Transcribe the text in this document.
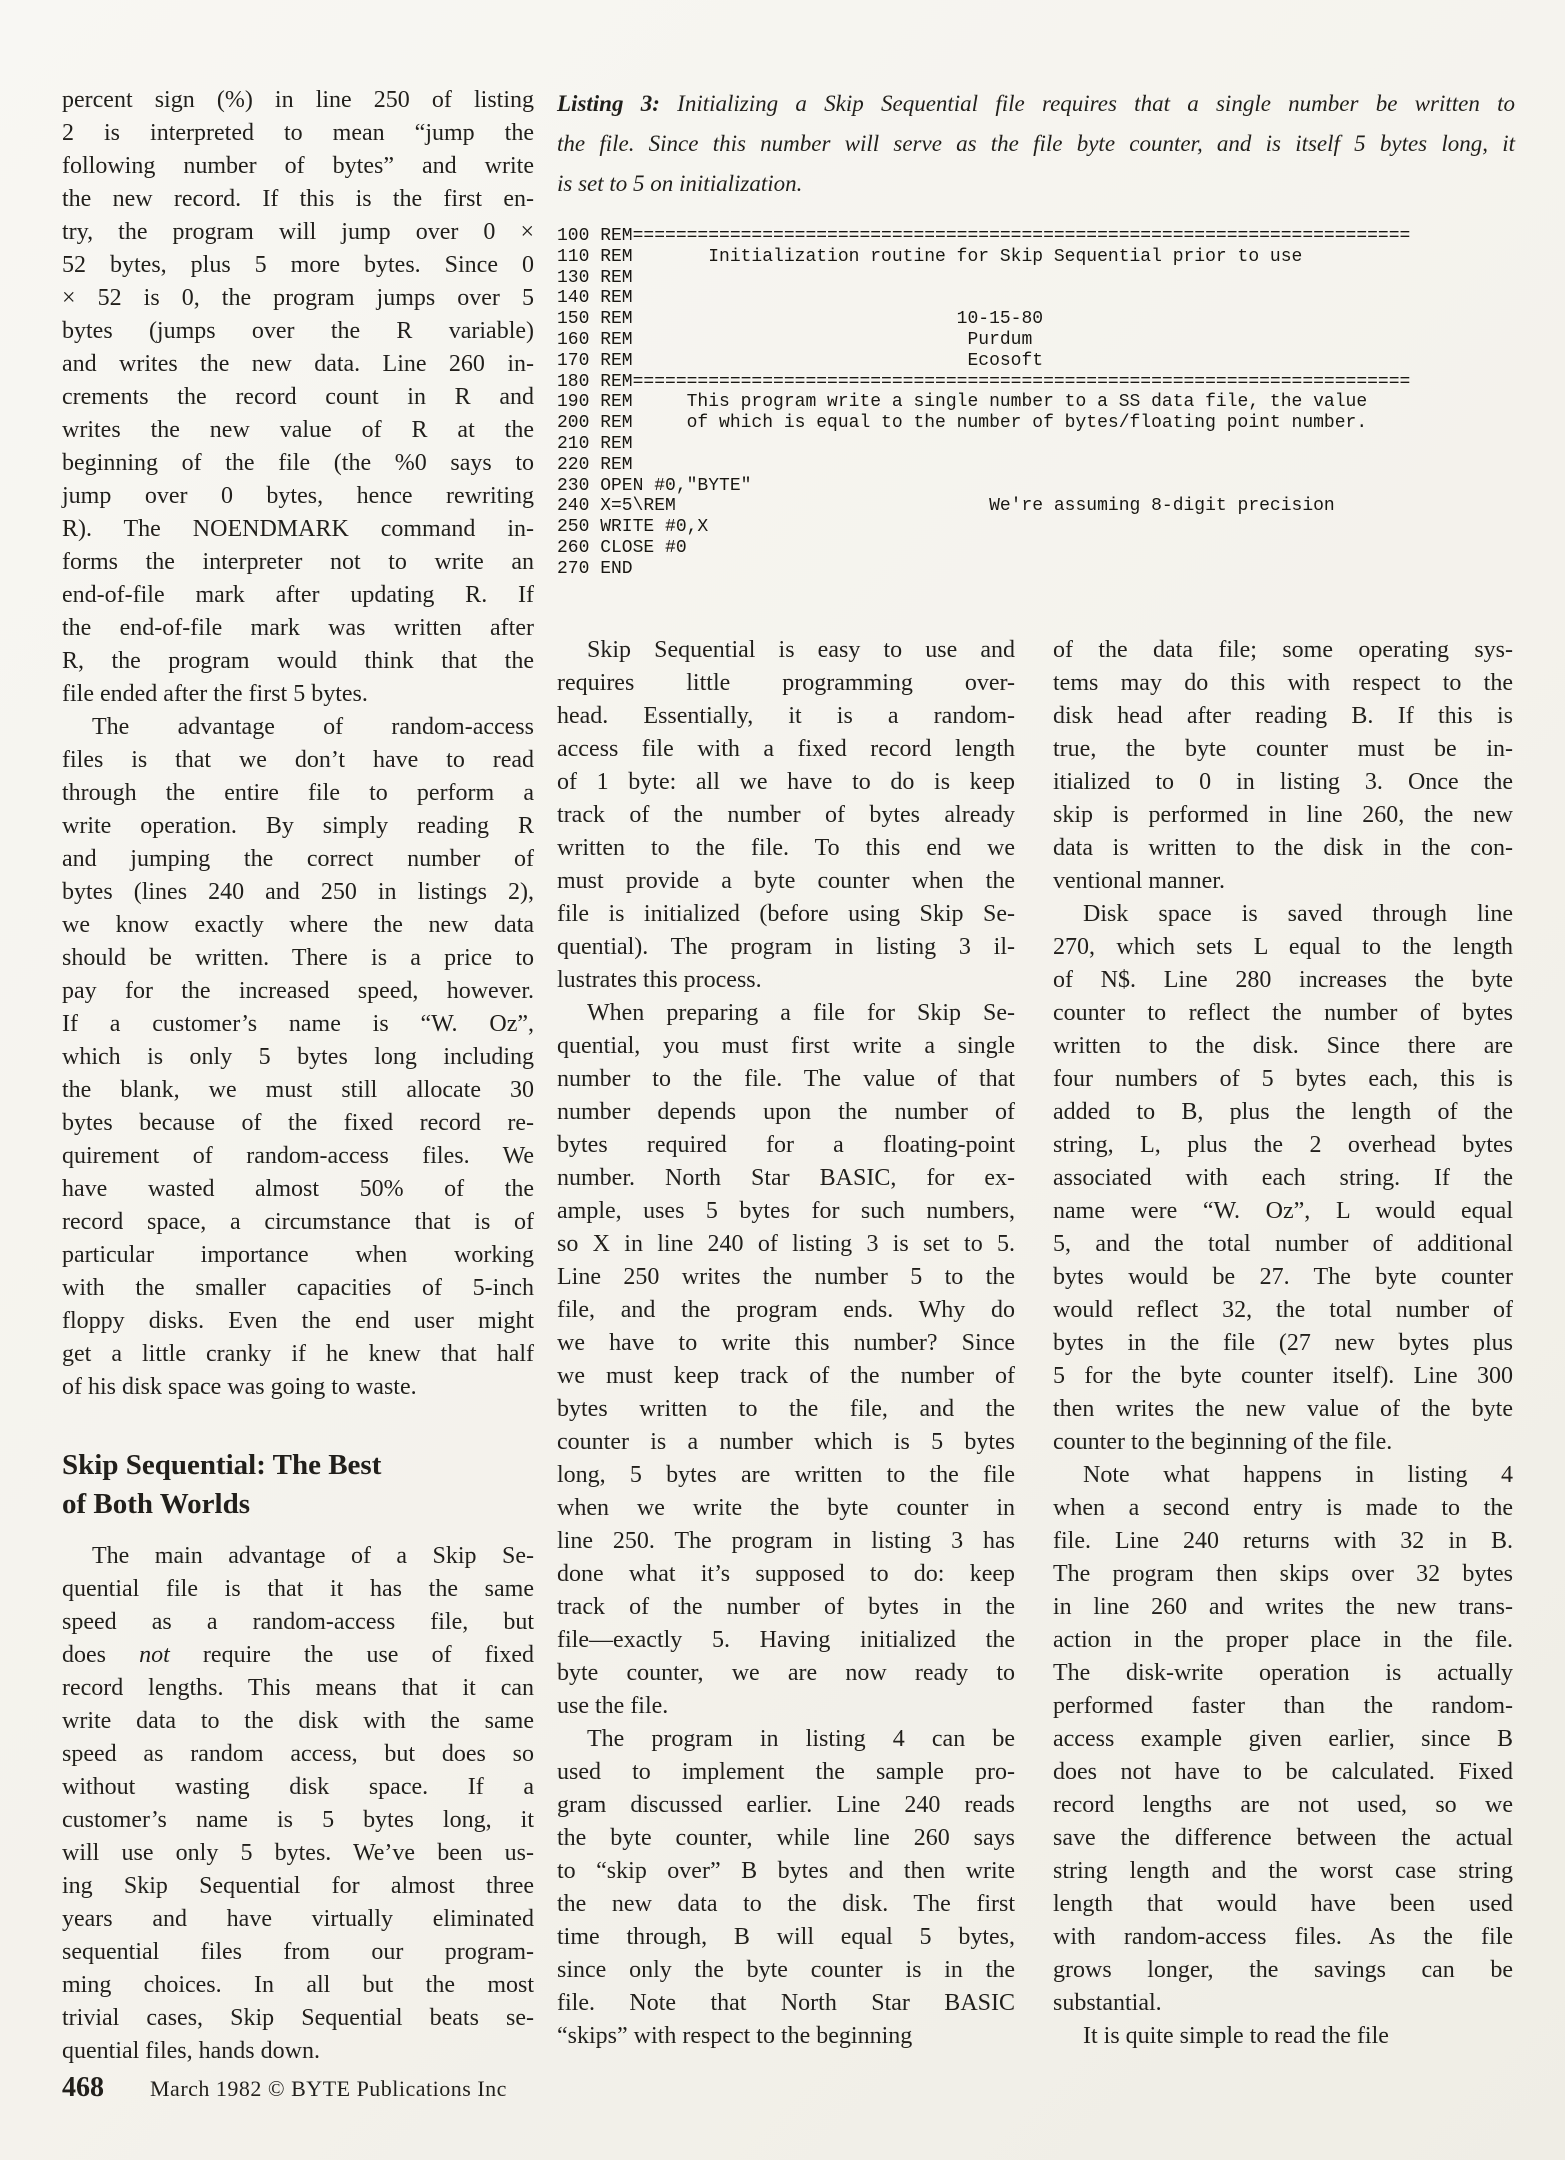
percent sign (%) in line 250 of listing
2 is interpreted to mean “jump the
following number of bytes” and write
the new record. If this is the first en-
try, the program will jump over 0 ×
52 bytes, plus 5 more bytes. Since 0
× 52 is 0, the program jumps over 5
bytes (jumps over the R variable)
and writes the new data. Line 260 in-
crements the record count in R and
writes the new value of R at the
beginning of the file (the %0 says to
jump over 0 bytes, hence rewriting
R). The NOENDMARK command in-
forms the interpreter not to write an
end-of-file mark after updating R. If
the end-of-file mark was written after
R, the program would think that the
file ended after the first 5 bytes.
The advantage of random-access
files is that we don’t have to read
through the entire file to perform a
write operation. By simply reading R
and jumping the correct number of
bytes (lines 240 and 250 in listings 2),
we know exactly where the new data
should be written. There is a price to
pay for the increased speed, however.
If a customer’s name is “W. Oz”,
which is only 5 bytes long including
the blank, we must still allocate 30
bytes because of the fixed record re-
quirement of random-access files. We
have wasted almost 50% of the
record space, a circumstance that is of
particular importance when working
with the smaller capacities of 5-inch
floppy disks. Even the end user might
get a little cranky if he knew that half
of his disk space was going to waste.
Skip Sequential: The Best
of Both Worlds
The main advantage of a Skip Se-
quential file is that it has the same
speed as a random-access file, but
does not require the use of fixed
record lengths. This means that it can
write data to the disk with the same
speed as random access, but does so
without wasting disk space. If a
customer’s name is 5 bytes long, it
will use only 5 bytes. We’ve been us-
ing Skip Sequential for almost three
years and have virtually eliminated
sequential files from our program-
ming choices. In all but the most
trivial cases, Skip Sequential beats se-
quential files, hands down.
Listing 3: Initializing a Skip Sequential file requires that a single number be written to
the file. Since this number will serve as the file byte counter, and is itself 5 bytes long, it
is set to 5 on initialization.
100 REM========================================================================
110 REM       Initialization routine for Skip Sequential prior to use
130 REM
140 REM
150 REM                              10-15-80
160 REM                               Purdum
170 REM                               Ecosoft
180 REM========================================================================
190 REM     This program write a single number to a SS data file, the value
200 REM     of which is equal to the number of bytes/floating point number.
210 REM
220 REM
230 OPEN #0,"BYTE"
240 X=5\REM                             We're assuming 8-digit precision
250 WRITE #0,X
260 CLOSE #0
270 END
Skip Sequential is easy to use and
requires little programming over-
head. Essentially, it is a random-
access file with a fixed record length
of 1 byte: all we have to do is keep
track of the number of bytes already
written to the file. To this end we
must provide a byte counter when the
file is initialized (before using Skip Se-
quential). The program in listing 3 il-
lustrates this process.
When preparing a file for Skip Se-
quential, you must first write a single
number to the file. The value of that
number depends upon the number of
bytes required for a floating-point
number. North Star BASIC, for ex-
ample, uses 5 bytes for such numbers,
so X in line 240 of listing 3 is set to 5.
Line 250 writes the number 5 to the
file, and the program ends. Why do
we have to write this number? Since
we must keep track of the number of
bytes written to the file, and the
counter is a number which is 5 bytes
long, 5 bytes are written to the file
when we write the byte counter in
line 250. The program in listing 3 has
done what it’s supposed to do: keep
track of the number of bytes in the
file—exactly 5. Having initialized the
byte counter, we are now ready to
use the file.
The program in listing 4 can be
used to implement the sample pro-
gram discussed earlier. Line 240 reads
the byte counter, while line 260 says
to “skip over” B bytes and then write
the new data to the disk. The first
time through, B will equal 5 bytes,
since only the byte counter is in the
file. Note that North Star BASIC
“skips” with respect to the beginning
of the data file; some operating sys-
tems may do this with respect to the
disk head after reading B. If this is
true, the byte counter must be in-
itialized to 0 in listing 3. Once the
skip is performed in line 260, the new
data is written to the disk in the con-
ventional manner.
Disk space is saved through line
270, which sets L equal to the length
of N$. Line 280 increases the byte
counter to reflect the number of bytes
written to the disk. Since there are
four numbers of 5 bytes each, this is
added to B, plus the length of the
string, L, plus the 2 overhead bytes
associated with each string. If the
name were “W. Oz”, L would equal
5, and the total number of additional
bytes would be 27. The byte counter
would reflect 32, the total number of
bytes in the file (27 new bytes plus
5 for the byte counter itself). Line 300
then writes the new value of the byte
counter to the beginning of the file.
Note what happens in listing 4
when a second entry is made to the
file. Line 240 returns with 32 in B.
The program then skips over 32 bytes
in line 260 and writes the new trans-
action in the proper place in the file.
The disk-write operation is actually
performed faster than the random-
access example given earlier, since B
does not have to be calculated. Fixed
record lengths are not used, so we
save the difference between the actual
string length and the worst case string
length that would have been used
with random-access files. As the file
grows longer, the savings can be
substantial.
It is quite simple to read the file
468 March 1982 © BYTE Publications Inc
